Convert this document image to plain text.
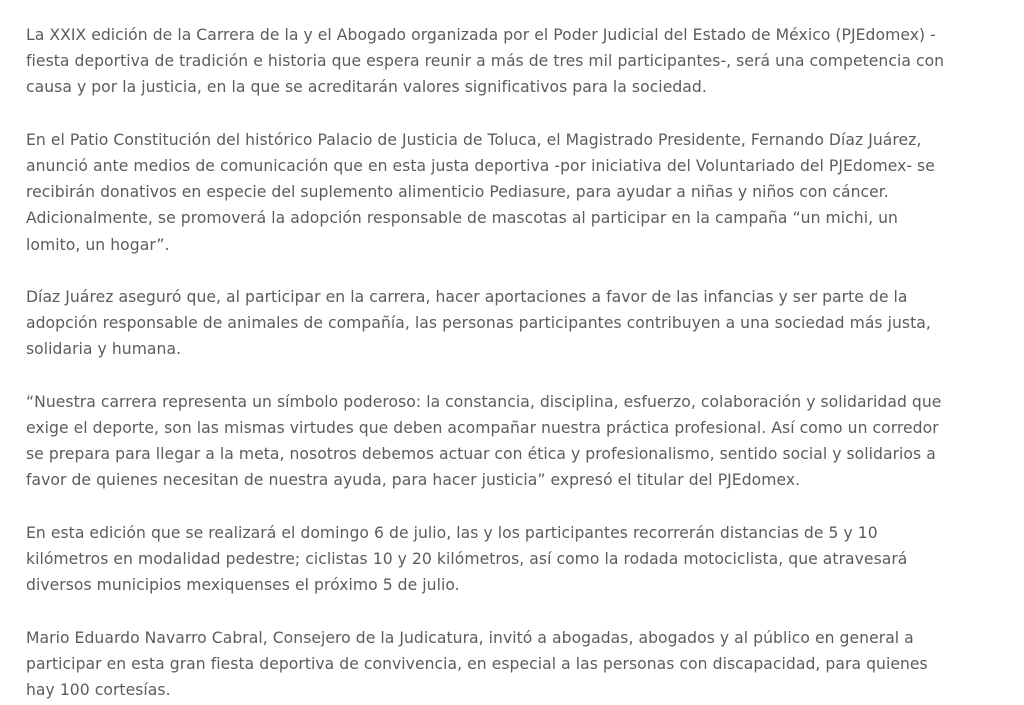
La XXIX edición de la Carrera de la y el Abogado organizada por el Poder Judicial del Estado de México (PJEdomex) -fiesta deportiva de tradición e historia que espera reunir a más de tres mil participantes-, será una competencia con causa y por la justicia, en la que se acreditarán valores significativos para la sociedad.

En el Patio Constitución del histórico Palacio de Justicia de Toluca, el Magistrado Presidente, Fernando Díaz Juárez, anunció ante medios de comunicación que en esta justa deportiva -por iniciativa del Voluntariado del PJEdomex- se recibirán donativos en especie del suplemento alimenticio Pediasure, para ayudar a niñas y niños con cáncer. Adicionalmente, se promoverá la adopción responsable de mascotas al participar en la campaña “un michi, un lomito, un hogar”.

Díaz Juárez aseguró que, al participar en la carrera, hacer aportaciones a favor de las infancias y ser parte de la adopción responsable de animales de compañía, las personas participantes contribuyen a una sociedad más justa, solidaria y humana.

“Nuestra carrera representa un símbolo poderoso: la constancia, disciplina, esfuerzo, colaboración y solidaridad que exige el deporte, son las mismas virtudes que deben acompañar nuestra práctica profesional. Así como un corredor se prepara para llegar a la meta, nosotros debemos actuar con ética y profesionalismo, sentido social y solidarios a favor de quienes necesitan de nuestra ayuda, para hacer justicia” expresó el titular del PJEdomex.

En esta edición que se realizará el domingo 6 de julio, las y los participantes recorrerán distancias de 5 y 10 kilómetros en modalidad pedestre; ciclistas 10 y 20 kilómetros, así como la rodada motociclista, que atravesará diversos municipios mexiquenses el próximo 5 de julio.

Mario Eduardo Navarro Cabral, Consejero de la Judicatura, invitó a abogadas, abogados y al público en general a participar en esta gran fiesta deportiva de convivencia, en especial a las personas con discapacidad, para quienes hay 100 cortesías.
